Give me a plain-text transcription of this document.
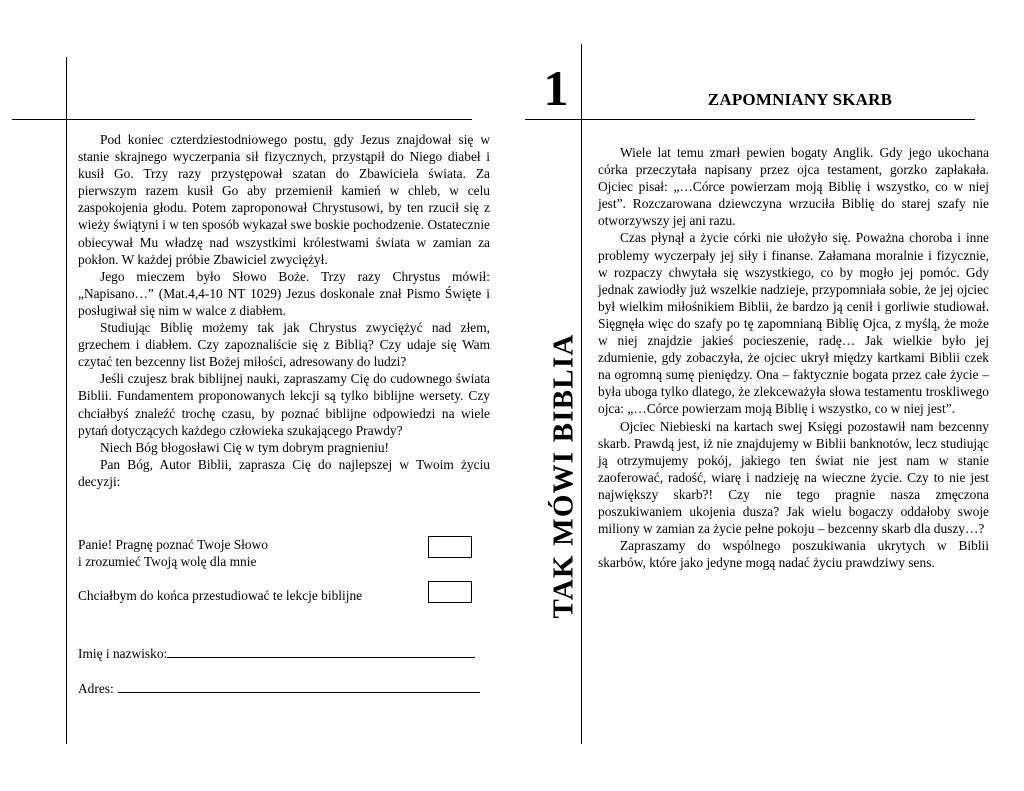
Pod koniec czterdziestodniowego postu, gdy Jezus znajdował się w stanie skrajnego wyczerpania sił fizycznych, przystąpił do Niego diabeł i kusił Go. Trzy razy przystępował szatan do Zbawiciela świata. Za pierwszym razem kusił Go aby przemienił kamień w chleb, w celu zaspokojenia głodu. Potem zaproponował Chrystusowi, by ten rzucił się z wieży świątyni i w ten sposób wykazał swe boskie pochodzenie. Ostatecznie obiecywał Mu władzę nad wszystkimi królestwami świata w zamian za pokłon. W każdej próbie Zbawiciel zwyciężył.

Jego mieczem było Słowo Boże. Trzy razy Chrystus mówił: „Napisano…” (Mat.4,4-10 NT 1029) Jezus doskonale znał Pismo Święte i posługiwał się nim w walce z diabłem.

Studiując Biblię możemy tak jak Chrystus zwyciężyć nad złem, grzechem i diabłem. Czy zapoznaliście się z Biblią? Czy udaje się Wam czytać ten bezcenny list Bożej miłości, adresowany do ludzi?

Jeśli czujesz brak biblijnej nauki, zapraszamy Cię do cudownego świata Biblii. Fundamentem proponowanych lekcji są tylko biblijne wersety. Czy chciałbyś znaleźć trochę czasu, by poznać biblijne odpowiedzi na wiele pytań dotyczących każdego człowieka szukającego Prawdy?

Niech Bóg błogosławi Cię w tym dobrym pragnieniu!

Pan Bóg, Autor Biblii, zaprasza Cię do najlepszej w Twoim życiu decyzji:

Panie! Pragnę poznać Twoje Słowo
i zrozumieć Twoją wolę dla mnie
Chciałbym do końca przestudiować te lekcje biblijne
Imię i nazwisko:
Adres:
1	ZAPOMNIANY SKARB
TAK MÓWI BIBLIA

Wiele lat temu zmarł pewien bogaty Anglik. Gdy jego ukochana córka przeczytała napisany przez ojca testament, gorzko zapłakała. Ojciec pisał: „…Córce powierzam moją Biblię i wszystko, co w niej jest”. Rozczarowana dziewczyna wrzuciła Biblię do starej szafy nie otworzywszy jej ani razu.

Czas płynął a życie córki nie ułożyło się. Poważna choroba i inne problemy wyczerpały jej siły i finanse. Załamana moralnie i fizycznie, w rozpaczy chwytała się wszystkiego, co by mogło jej pomóc. Gdy jednak zawiodły już wszelkie nadzieje, przypomniała sobie, że jej ojciec był wielkim miłośnikiem Biblii, że bardzo ją cenił i gorliwie studiował. Sięgnęła więc do szafy po tę zapomnianą Biblię Ojca, z myślą, że może w niej znajdzie jakieś pocieszenie, radę… Jak wielkie było jej zdumienie, gdy zobaczyła, że ojciec ukrył między kartkami Biblii czek na ogromną sumę pieniędzy. Ona – faktycznie bogata przez całe życie – była uboga tylko dlatego, że zlekceważyła słowa testamentu troskliwego ojca: „…Córce powierzam moją Biblię i wszystko, co w niej jest”.

Ojciec Niebieski na kartach swej Księgi pozostawił nam bezcenny skarb. Prawdą jest, iż nie znajdujemy w Biblii banknotów, lecz studiując ją otrzymujemy pokój, jakiego ten świat nie jest nam w stanie zaoferować, radość, wiarę i nadzieję na wieczne życie. Czy to nie jest największy skarb?! Czy nie tego pragnie nasza zmęczona poszukiwaniem ukojenia dusza? Jak wielu bogaczy oddałoby swoje miliony w zamian za życie pełne pokoju – bezcenny skarb dla duszy…?

Zapraszamy do wspólnego poszukiwania ukrytych w Biblii skarbów, które jako jedyne mogą nadać życiu prawdziwy sens.
